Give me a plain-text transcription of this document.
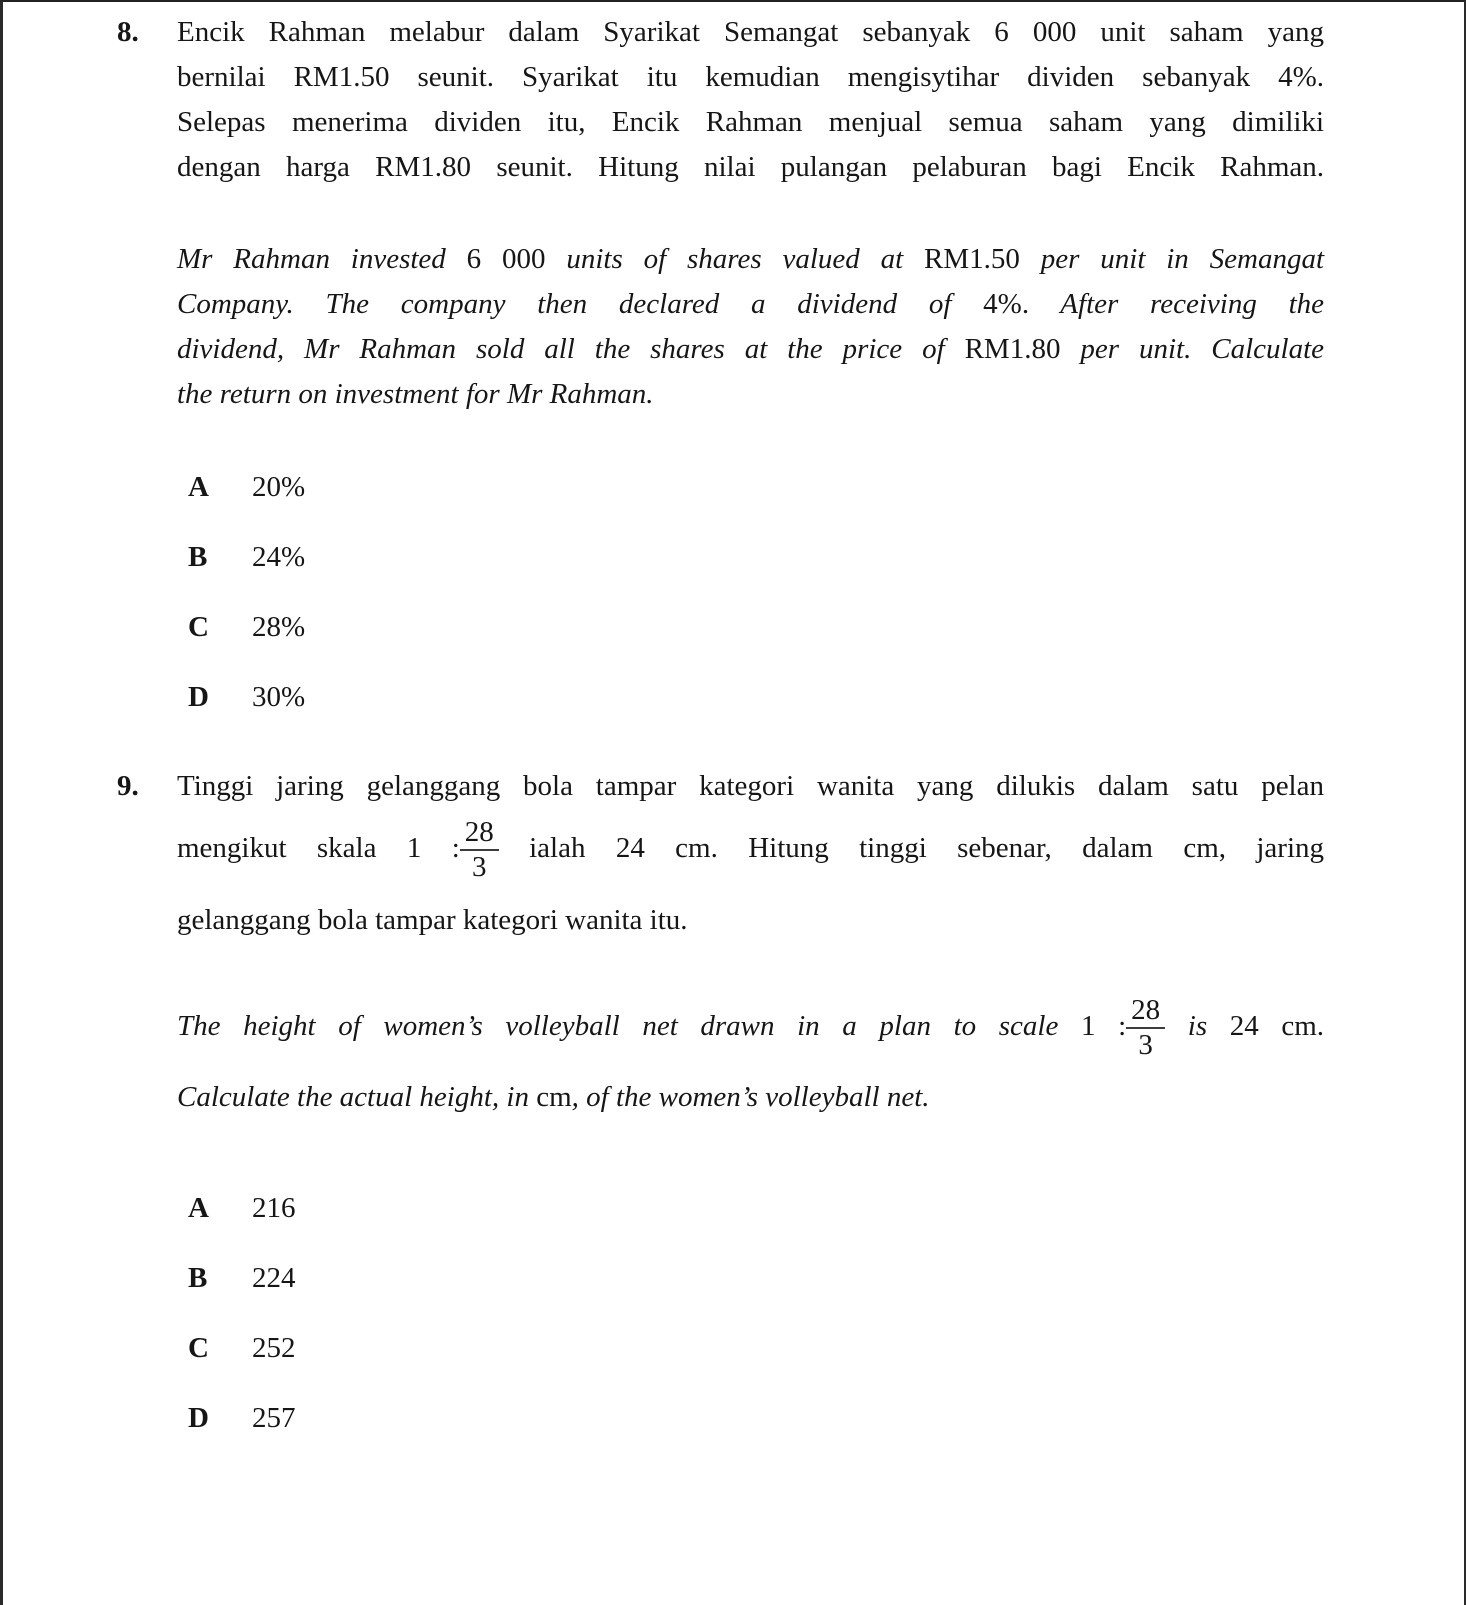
8. Encik Rahman melabur dalam Syarikat Semangat sebanyak 6 000 unit saham yang
bernilai RM1.50 seunit. Syarikat itu kemudian mengisytihar dividen sebanyak 4%.
Selepas menerima dividen itu, Encik Rahman menjual semua saham yang dimiliki
dengan harga RM1.80 seunit. Hitung nilai pulangan pelaburan bagi Encik Rahman.
Mr Rahman invested 6 000 units of shares valued at RM1.50 per unit in Semangat
Company. The company then declared a dividend of 4%. After receiving the
dividend, Mr Rahman sold all the shares at the price of RM1.80 per unit. Calculate
the return on investment for Mr Rahman.
A	20%
B	24%
C	28%
D	30%
9. Tinggi jaring gelanggang bola tampar kategori wanita yang dilukis dalam satu pelan
mengikut skala 1 : $\frac{28}{3}$ ialah 24 cm. Hitung tinggi sebenar, dalam cm, jaring
gelanggang bola tampar kategori wanita itu.
The height of women’s volleyball net drawn in a plan to scale 1 : $\frac{28}{3}$ is 24 cm.
Calculate the actual height, in cm, of the women’s volleyball net.
A	216
B	224
C	252
D	257
